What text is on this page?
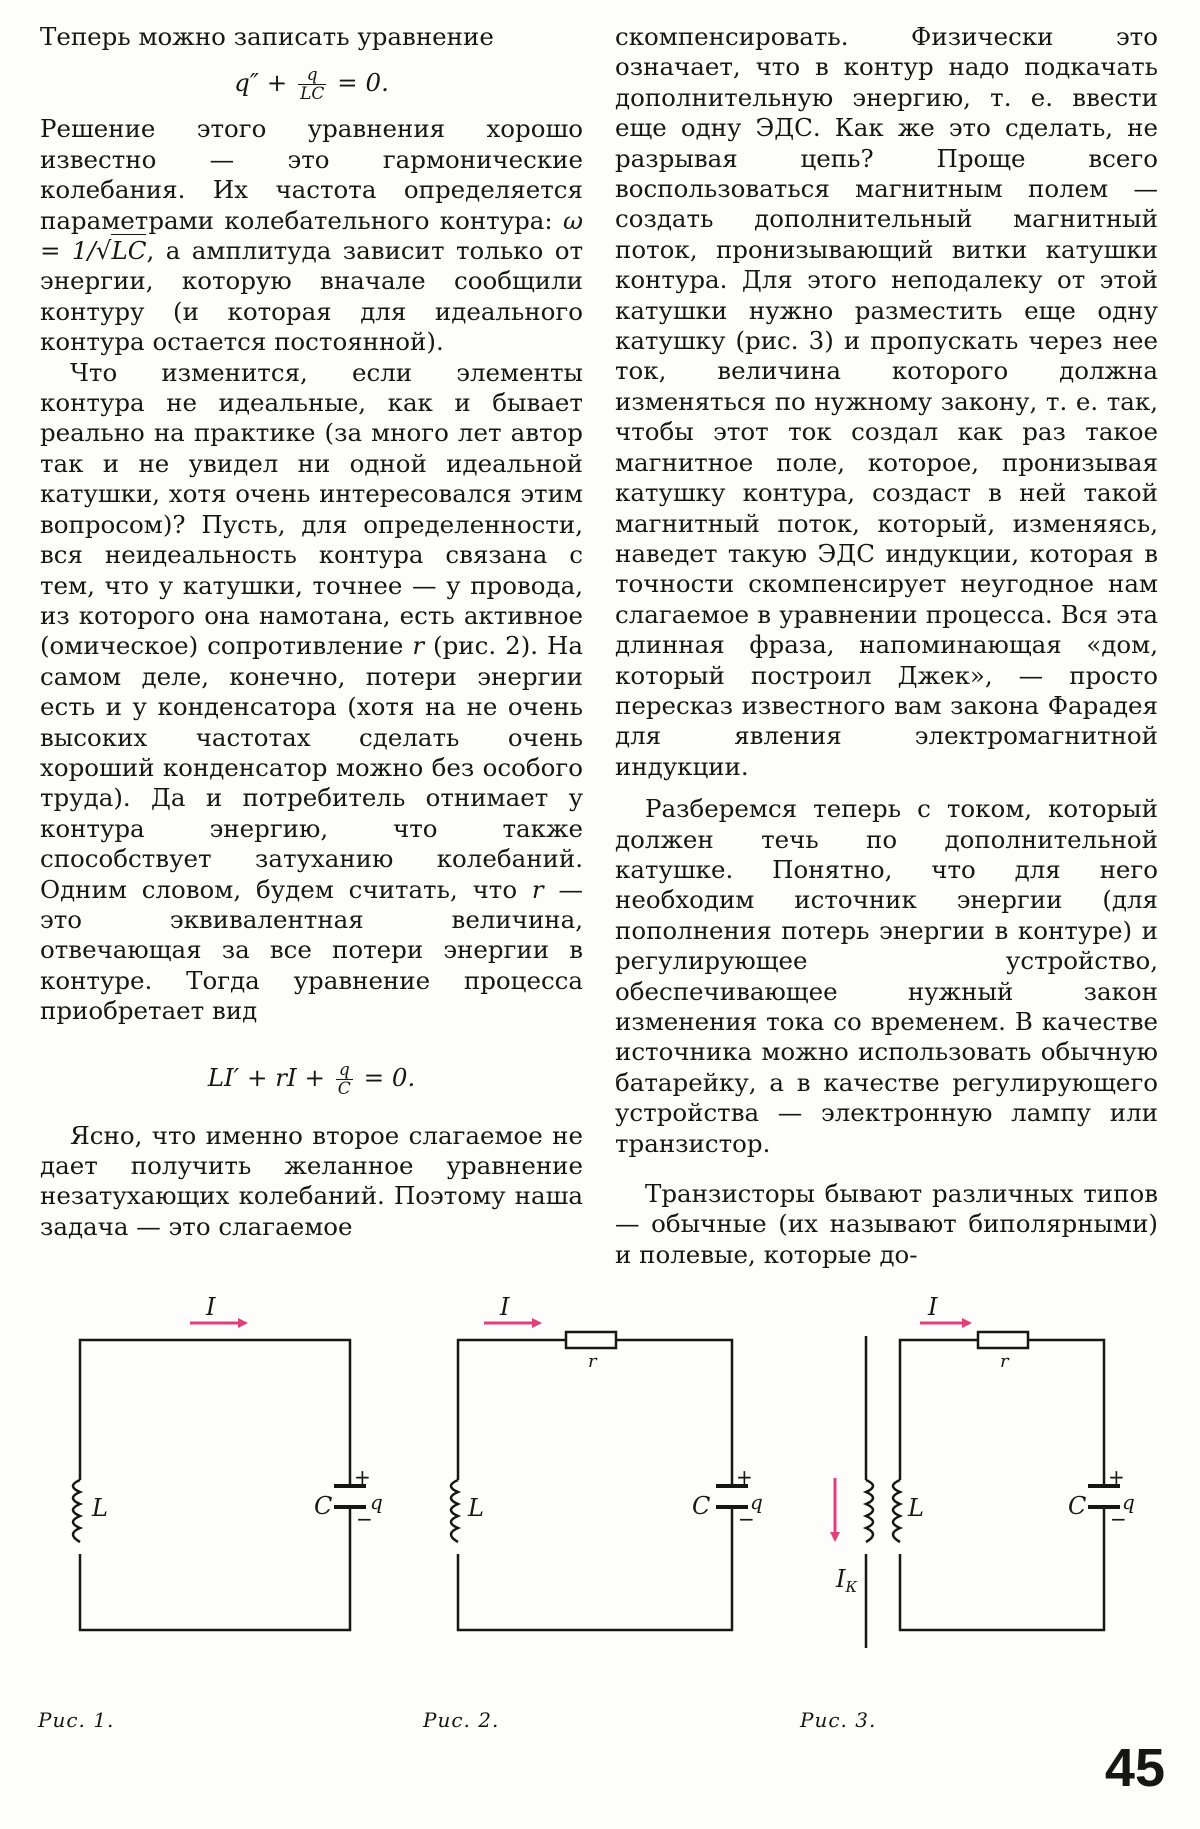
Теперь можно записать уравнение

$q'' + \frac{q}{LC} = 0$.

Решение этого уравнения хорошо известно — это гармонические колебания. Их частота определяется параметрами колебательного контура: ω = 1/√LC, а амплитуда зависит только от энергии, которую вначале сообщили контуру (и которая для идеального контура остается постоянной).

Что изменится, если элементы контура не идеальные, как и бывает реально на практике (за много лет автор так и не увидел ни одной идеальной катушки, хотя очень интересовался этим вопросом)? Пусть, для определенности, вся неидеальность контура связана с тем, что у катушки, точнее — у провода, из которого она намотана, есть активное (омическое) сопротивление r (рис. 2). На самом деле, конечно, потери энергии есть и у конденсатора (хотя на не очень высоких частотах сделать очень хороший конденсатор можно без особого труда). Да и потребитель отнимает у контура энергию, что также способствует затуханию колебаний. Одним словом, будем считать, что r — это эквивалентная величина, отвечающая за все потери энергии в контуре. Тогда уравнение процесса приобретает вид

LI′ + rI + $\frac{q}{C} = 0$.

Ясно, что именно второе слагаемое не дает получить желанное уравнение незатухающих колебаний. Поэтому наша задача — это слагаемое

скомпенсировать. Физически это означает, что в контур надо подкачать дополнительную энергию, т. е. ввести еще одну ЭДС. Как же это сделать, не разрывая цепь? Проще всего воспользоваться магнитным полем — создать дополнительный магнитный поток, пронизывающий витки катушки контура. Для этого неподалеку от этой катушки нужно разместить еще одну катушку (рис. 3) и пропускать через нее ток, величина которого должна изменяться по нужному закону, т. е. так, чтобы этот ток создал как раз такое магнитное поле, которое, пронизывая катушку контура, создаст в ней такой магнитный поток, который, изменяясь, наведет такую ЭДС индукции, которая в точности скомпенсирует неугодное нам слагаемое в уравнении процесса. Вся эта длинная фраза, напоминающая «дом, который построил Джек», — просто пересказ известного вам закона Фарадея для явления электромагнитной индукции.

Разберемся теперь с током, который должен течь по дополнительной катушке. Понятно, что для него необходим источник энергии (для пополнения потерь энергии в контуре) и регулирующее устройство, обеспечивающее нужный закон изменения тока со временем. В качестве источника можно использовать обычную батарейку, а в качестве регулирующего устройства — электронную лампу или транзистор.

Транзисторы бывают различных типов — обычные (их называют биполярными) и полевые, которые до-

I	I	I
r	r
L	L	L
C	C	C
q	q	q
$I_К$
+	+	+
−	−	−
Рис. 1.	Рис. 2.	Рис. 3.
45
